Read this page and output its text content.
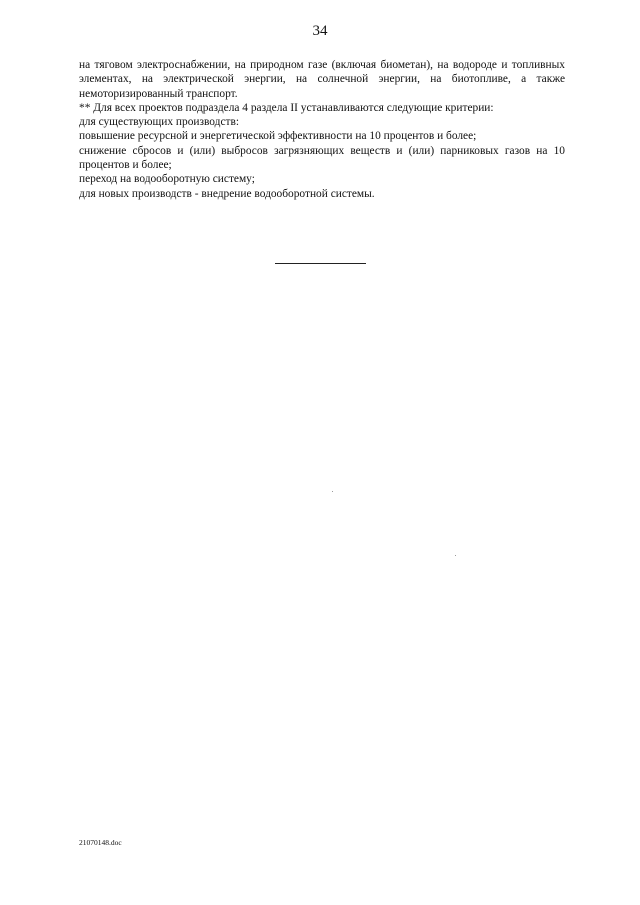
34

на тяговом электроснабжении, на природном газе (включая биометан), на водороде и топливных элементах, на электрической энергии, на солнечной энергии, на биотопливе, а также немоторизированный транспорт.

** Для всех проектов подраздела 4 раздела II устанавливаются следующие критерии:

для существующих производств:

повышение ресурсной и энергетической эффективности на 10 процентов и более;

снижение сбросов и (или) выбросов загрязняющих веществ и (или) парниковых газов на 10 процентов и более;

переход на водооборотную систему;

для новых производств - внедрение водооборотной системы.

21070148.doc
